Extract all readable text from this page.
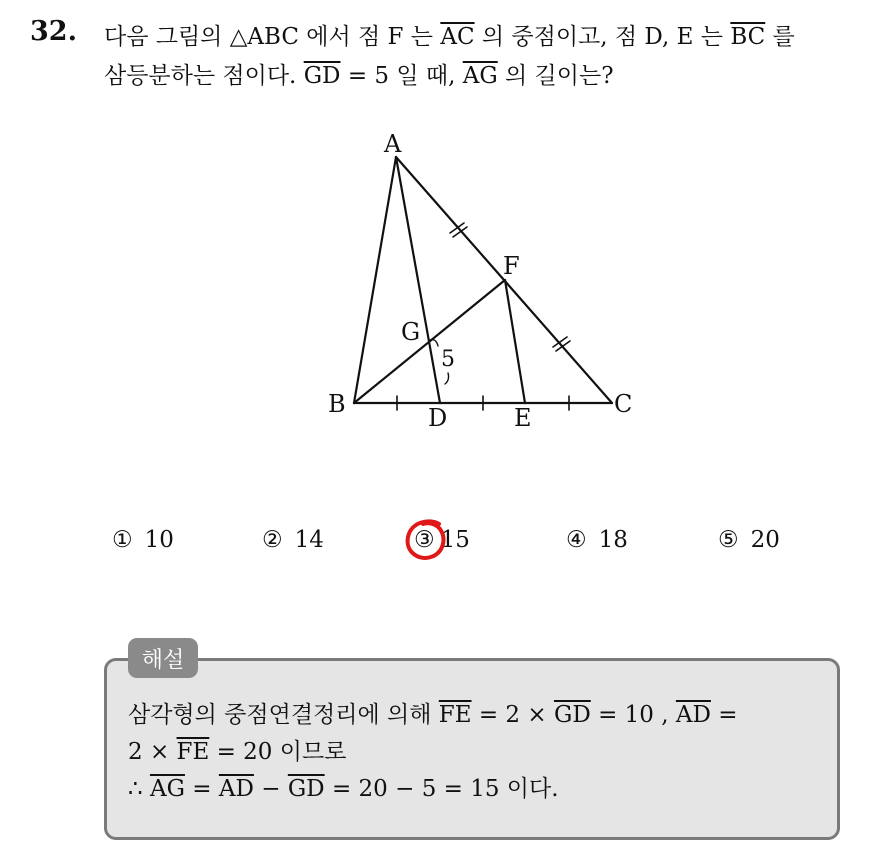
32. 다음 그림의 △ABC 에서 점 F 는 $\overline{AC}$ 의 중점이고, 점 D, E 는 $\overline{BC}$ 를
삼등분하는 점이다. $\overline{GD} = 5$ 일 때, $\overline{AG}$ 의 길이는?
A
B	C
D	E
F
G
5
① 10	② 14	③ 15	④ 18	⑤ 20
해설
삼각형의 중점연결정리에 의해 $\overline{FE} = 2 \times \overline{GD} = 10$ , $\overline{AD}$ =
$2 \times \overline{FE} = 20$ 이므로
∴ $\overline{AG} = \overline{AD} - \overline{GD} = 20 - 5 = 15$ 이다.
